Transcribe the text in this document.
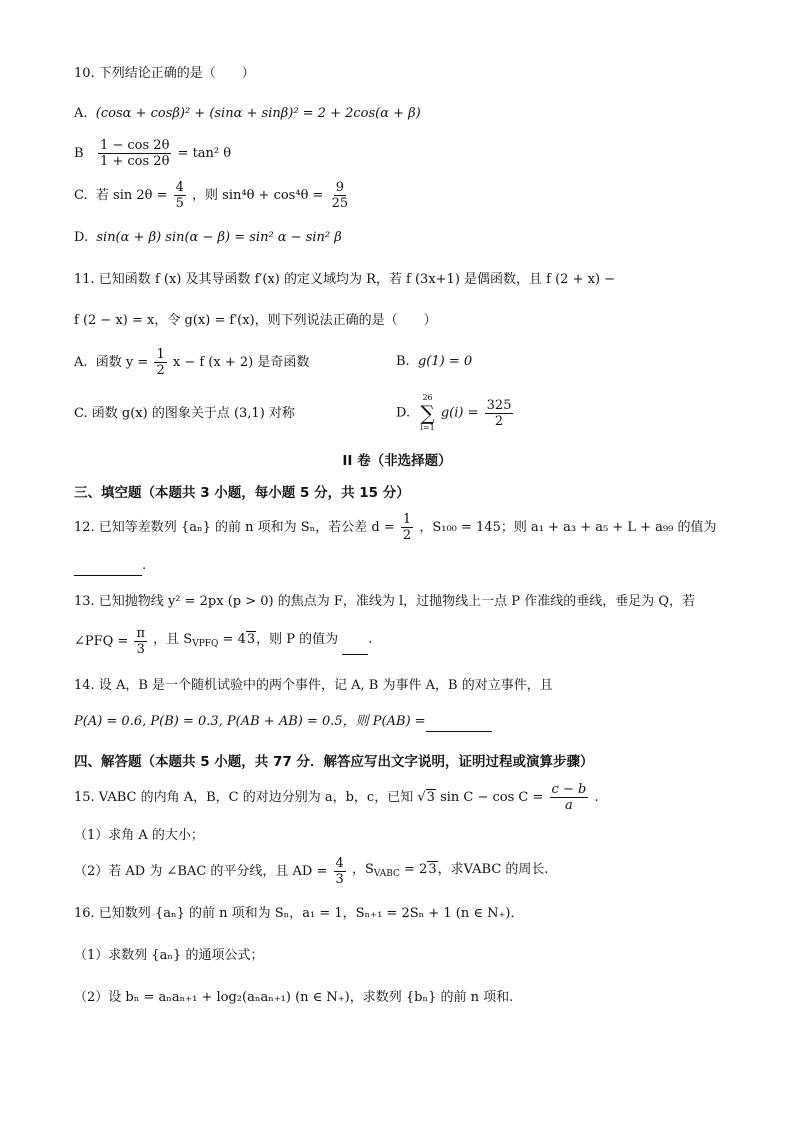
10. 下列结论正确的是（　　）
A. (cosα + cosβ)² + (sinα + sinβ)² = 2 + 2cos(α + β)
B $\frac{1 - \cos 2\theta}{1 + \cos 2\theta} = \tan^2$ θ
C. 若 $\sin 2\theta = \frac{4}{5}$ ，则 $\sin^4\theta + \cos^4\theta = \frac{9}{25}$
D. sin(α + β) sin(α − β) = sin² α − sin² β
11. 已知函数 f (x) 及其导函数 f′(x) 的定义域均为 R，若 f (3x+1) 是偶函数，且 f (2 + x) −
f (2 − x) = x，令 g(x) = f′(x)，则下列说法正确的是（　　）
A. 函数 $y = \frac{1}{2}$ x − f (x + 2) 是奇函数	B. g(1) = 0
C. 函数 g(x) 的图象关于点 (3,1) 对称	D.
26
∑
i=1
$g(i) = \frac{325}{2}$
II 卷（非选择题）
三、填空题（本题共 3 小题，每小题 5 分，共 15 分）
12. 已知等差数列 {aₙ} 的前 n 项和为 Sₙ，若公差 $d = \frac{1}{2}$ ，S₁₀₀ = 145；则 a₁ + a₃ + a₅ + L + a₉₉ 的值为
.
13. 已知抛物线 y² = 2px (p > 0) 的焦点为 F，准线为 l，过抛物线上一点 P 作准线的垂线，垂足为 Q，若
∠PFQ = $\frac{\pi}{3}$ ，且 $S_{VPFQ} = 43$，则 P 的值为 .
14. 设 A，B 是一个随机试验中的两个事件，记 A, B 为事件 A，B 的对立事件，且
P(A) = 0.6, P(B) = 0.3, P(AB + AB) = 0.5，则 P(AB) =
四、解答题（本题共 5 小题，共 77 分．解答应写出文字说明，证明过程或演算步骤）
15. VABC 的内角 A，B，C 的对边分别为 a，b，c，已知 √3 $\sin C - \cos C = \frac{c - b}{a}$ .
（1）求角 A 的大小；
（2）若 AD 为 ∠BAC 的平分线，且 AD = $\frac{4}{3}$ ，$S_{VABC} = 23$，求VABC 的周长.
16. 已知数列 {aₙ} 的前 n 项和为 Sₙ，a₁ = 1，Sₙ₊₁ = 2Sₙ + 1 (n ∈ N₊)．
（1）求数列 {aₙ} 的通项公式；
（2）设 bₙ = aₙaₙ₊₁ + log₂(aₙaₙ₊₁) (n ∈ N₊)，求数列 {bₙ} 的前 n 项和.
